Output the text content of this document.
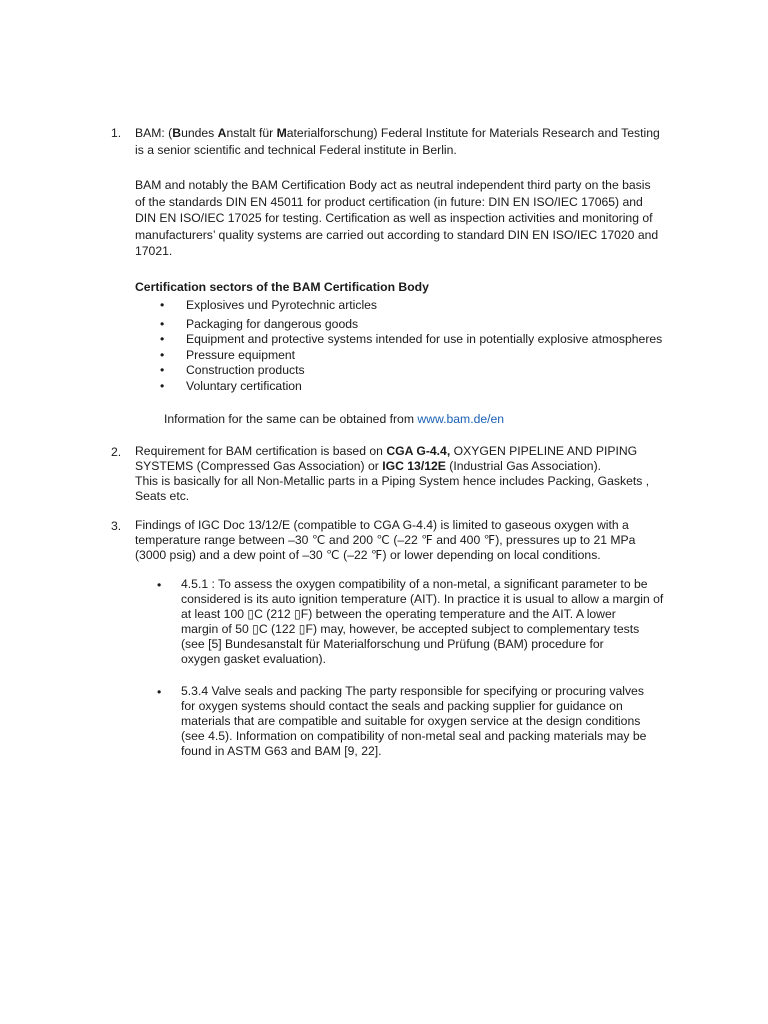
1. BAM: (Bundes Anstalt für Materialforschung) Federal Institute for Materials Research and Testing
is a senior scientific and technical Federal institute in Berlin.
BAM and notably the BAM Certification Body act as neutral independent third party on the basis
of the standards DIN EN 45011 for product certification (in future: DIN EN ISO/IEC 17065) and
DIN EN ISO/IEC 17025 for testing. Certification as well as inspection activities and monitoring of
manufacturers’ quality systems are carried out according to standard DIN EN ISO/IEC 17020 and
17021.
Certification sectors of the BAM Certification Body
• Explosives und Pyrotechnic articles
• Packaging for dangerous goods
• Equipment and protective systems intended for use in potentially explosive atmospheres
• Pressure equipment
• Construction products
• Voluntary certification
Information for the same can be obtained from www.bam.de/en
2. Requirement for BAM certification is based on CGA G-4.4, OXYGEN PIPELINE AND PIPING
SYSTEMS (Compressed Gas Association) or IGC 13/12E (Industrial Gas Association).
This is basically for all Non-Metallic parts in a Piping System hence includes Packing, Gaskets ,
Seats etc.
3. Findings of IGC Doc 13/12/E (compatible to CGA G-4.4) is limited to gaseous oxygen with a
temperature range between –30 ℃ and 200 ℃ (–22 ℉ and 400 ℉), pressures up to 21 MPa
(3000 psig) and a dew point of –30 ℃ (–22 ℉) or lower depending on local conditions.
• 4.5.1 : To assess the oxygen compatibility of a non-metal, a significant parameter to be
considered is its auto ignition temperature (AIT). In practice it is usual to allow a margin of
at least 100 ▯C (212 ▯F) between the operating temperature and the AIT. A lower
margin of 50 ▯C (122 ▯F) may, however, be accepted subject to complementary tests
(see [5] Bundesanstalt für Materialforschung und Prüfung (BAM) procedure for
oxygen gasket evaluation).
• 5.3.4 Valve seals and packing The party responsible for specifying or procuring valves
for oxygen systems should contact the seals and packing supplier for guidance on
materials that are compatible and suitable for oxygen service at the design conditions
(see 4.5). Information on compatibility of non-metal seal and packing materials may be
found in ASTM G63 and BAM [9, 22].
